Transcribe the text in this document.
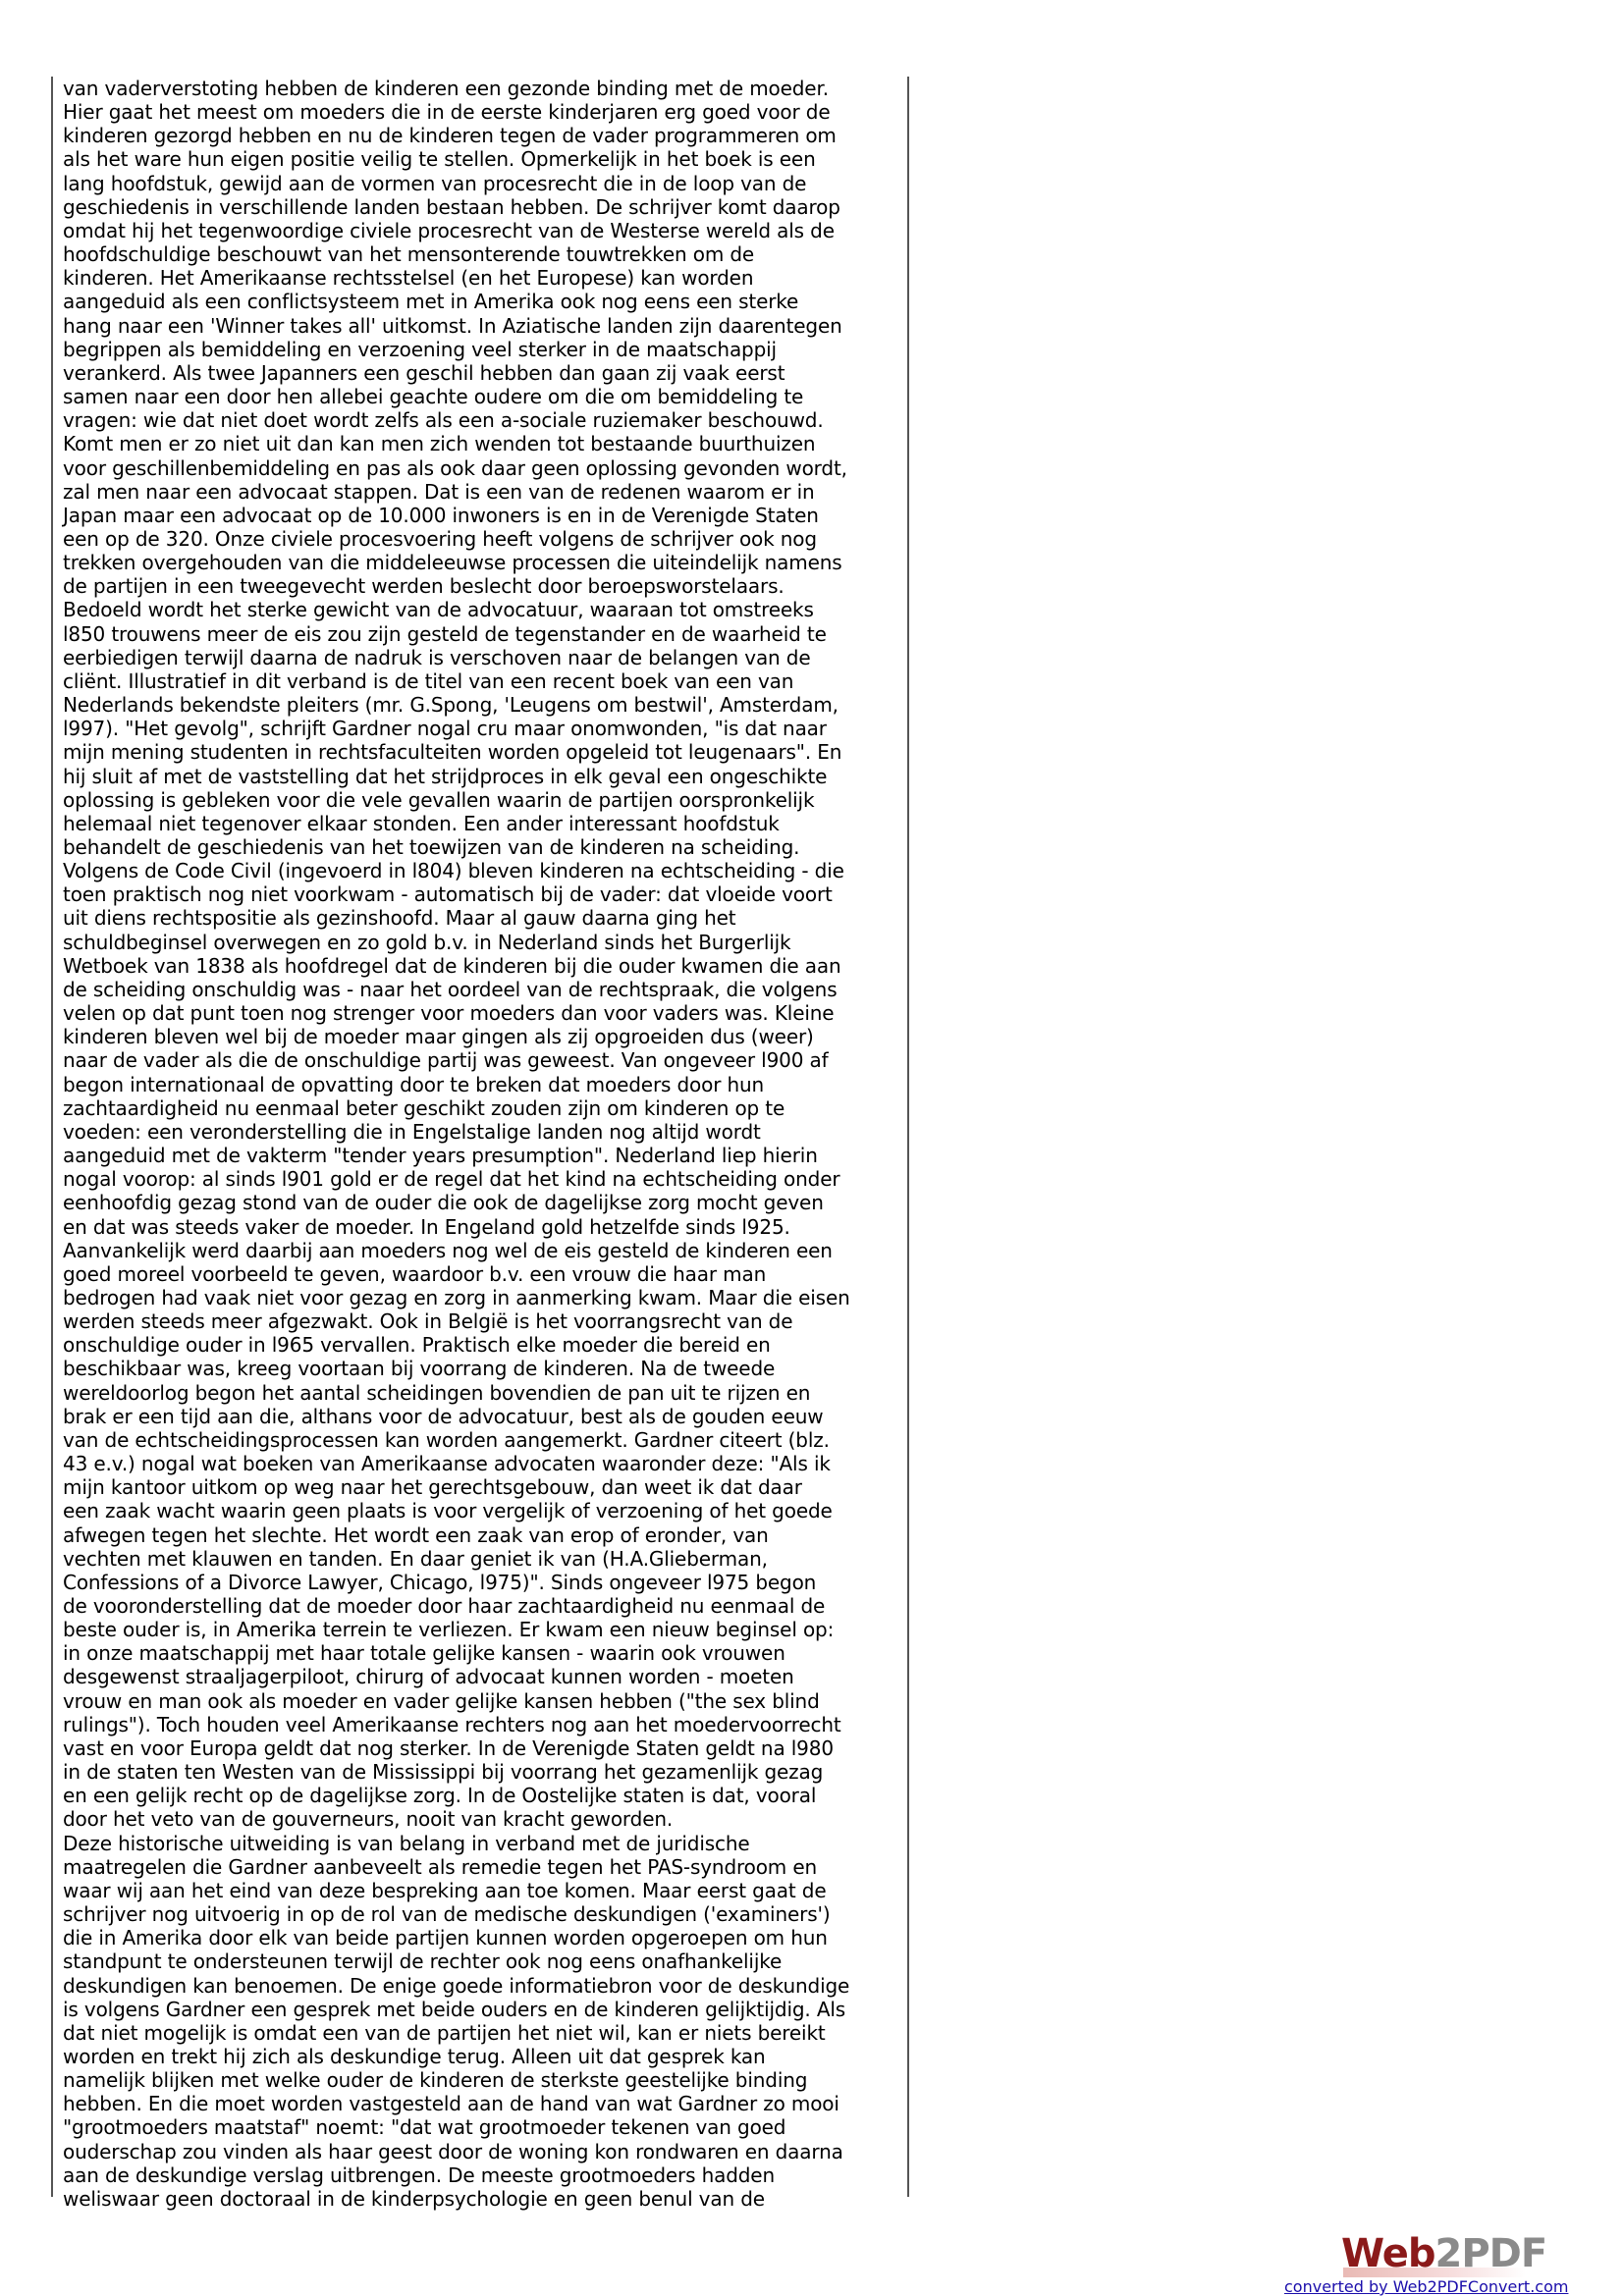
van vaderverstoting hebben de kinderen een gezonde binding met de moeder.
Hier gaat het meest om moeders die in de eerste kinderjaren erg goed voor de
kinderen gezorgd hebben en nu de kinderen tegen de vader programmeren om
als het ware hun eigen positie veilig te stellen. Opmerkelijk in het boek is een
lang hoofdstuk, gewijd aan de vormen van procesrecht die in de loop van de
geschiedenis in verschillende landen bestaan hebben. De schrijver komt daarop
omdat hij het tegenwoordige civiele procesrecht van de Westerse wereld als de
hoofdschuldige beschouwt van het mensonterende touwtrekken om de
kinderen. Het Amerikaanse rechtsstelsel (en het Europese) kan worden
aangeduid als een conflictsysteem met in Amerika ook nog eens een sterke
hang naar een 'Winner takes all' uitkomst. In Aziatische landen zijn daarentegen
begrippen als bemiddeling en verzoening veel sterker in de maatschappij
verankerd. Als twee Japanners een geschil hebben dan gaan zij vaak eerst
samen naar een door hen allebei geachte oudere om die om bemiddeling te
vragen: wie dat niet doet wordt zelfs als een a-sociale ruziemaker beschouwd.
Komt men er zo niet uit dan kan men zich wenden tot bestaande buurthuizen
voor geschillenbemiddeling en pas als ook daar geen oplossing gevonden wordt,
zal men naar een advocaat stappen. Dat is een van de redenen waarom er in
Japan maar een advocaat op de 10.000 inwoners is en in de Verenigde Staten
een op de 320. Onze civiele procesvoering heeft volgens de schrijver ook nog
trekken overgehouden van die middeleeuwse processen die uiteindelijk namens
de partijen in een tweegevecht werden beslecht door beroepsworstelaars.
Bedoeld wordt het sterke gewicht van de advocatuur, waaraan tot omstreeks
l850 trouwens meer de eis zou zijn gesteld de tegenstander en de waarheid te
eerbiedigen terwijl daarna de nadruk is verschoven naar de belangen van de
cliënt. Illustratief in dit verband is de titel van een recent boek van een van
Nederlands bekendste pleiters (mr. G.Spong, 'Leugens om bestwil', Amsterdam,
l997). "Het gevolg", schrijft Gardner nogal cru maar onomwonden, "is dat naar
mijn mening studenten in rechtsfaculteiten worden opgeleid tot leugenaars". En
hij sluit af met de vaststelling dat het strijdproces in elk geval een ongeschikte
oplossing is gebleken voor die vele gevallen waarin de partijen oorspronkelijk
helemaal niet tegenover elkaar stonden. Een ander interessant hoofdstuk
behandelt de geschiedenis van het toewijzen van de kinderen na scheiding.
Volgens de Code Civil (ingevoerd in l804) bleven kinderen na echtscheiding - die
toen praktisch nog niet voorkwam - automatisch bij de vader: dat vloeide voort
uit diens rechtspositie als gezinshoofd. Maar al gauw daarna ging het
schuldbeginsel overwegen en zo gold b.v. in Nederland sinds het Burgerlijk
Wetboek van 1838 als hoofdregel dat de kinderen bij die ouder kwamen die aan
de scheiding onschuldig was - naar het oordeel van de rechtspraak, die volgens
velen op dat punt toen nog strenger voor moeders dan voor vaders was. Kleine
kinderen bleven wel bij de moeder maar gingen als zij opgroeiden dus (weer)
naar de vader als die de onschuldige partij was geweest. Van ongeveer l900 af
begon internationaal de opvatting door te breken dat moeders door hun
zachtaardigheid nu eenmaal beter geschikt zouden zijn om kinderen op te
voeden: een veronderstelling die in Engelstalige landen nog altijd wordt
aangeduid met de vakterm "tender years presumption". Nederland liep hierin
nogal voorop: al sinds l901 gold er de regel dat het kind na echtscheiding onder
eenhoofdig gezag stond van de ouder die ook de dagelijkse zorg mocht geven
en dat was steeds vaker de moeder. In Engeland gold hetzelfde sinds l925.
Aanvankelijk werd daarbij aan moeders nog wel de eis gesteld de kinderen een
goed moreel voorbeeld te geven, waardoor b.v. een vrouw die haar man
bedrogen had vaak niet voor gezag en zorg in aanmerking kwam. Maar die eisen
werden steeds meer afgezwakt. Ook in België is het voorrangsrecht van de
onschuldige ouder in l965 vervallen. Praktisch elke moeder die bereid en
beschikbaar was, kreeg voortaan bij voorrang de kinderen. Na de tweede
wereldoorlog begon het aantal scheidingen bovendien de pan uit te rijzen en
brak er een tijd aan die, althans voor de advocatuur, best als de gouden eeuw
van de echtscheidingsprocessen kan worden aangemerkt. Gardner citeert (blz.
43 e.v.) nogal wat boeken van Amerikaanse advocaten waaronder deze: "Als ik
mijn kantoor uitkom op weg naar het gerechtsgebouw, dan weet ik dat daar
een zaak wacht waarin geen plaats is voor vergelijk of verzoening of het goede
afwegen tegen het slechte. Het wordt een zaak van erop of eronder, van
vechten met klauwen en tanden. En daar geniet ik van (H.A.Glieberman,
Confessions of a Divorce Lawyer, Chicago, l975)". Sinds ongeveer l975 begon
de vooronderstelling dat de moeder door haar zachtaardigheid nu eenmaal de
beste ouder is, in Amerika terrein te verliezen. Er kwam een nieuw beginsel op:
in onze maatschappij met haar totale gelijke kansen - waarin ook vrouwen
desgewenst straaljagerpiloot, chirurg of advocaat kunnen worden - moeten
vrouw en man ook als moeder en vader gelijke kansen hebben ("the sex blind
rulings"). Toch houden veel Amerikaanse rechters nog aan het moedervoorrecht
vast en voor Europa geldt dat nog sterker. In de Verenigde Staten geldt na l980
in de staten ten Westen van de Mississippi bij voorrang het gezamenlijk gezag
en een gelijk recht op de dagelijkse zorg. In de Oostelijke staten is dat, vooral
door het veto van de gouverneurs, nooit van kracht geworden.
Deze historische uitweiding is van belang in verband met de juridische
maatregelen die Gardner aanbeveelt als remedie tegen het PAS-syndroom en
waar wij aan het eind van deze bespreking aan toe komen. Maar eerst gaat de
schrijver nog uitvoerig in op de rol van de medische deskundigen ('examiners')
die in Amerika door elk van beide partijen kunnen worden opgeroepen om hun
standpunt te ondersteunen terwijl de rechter ook nog eens onafhankelijke
deskundigen kan benoemen. De enige goede informatiebron voor de deskundige
is volgens Gardner een gesprek met beide ouders en de kinderen gelijktijdig. Als
dat niet mogelijk is omdat een van de partijen het niet wil, kan er niets bereikt
worden en trekt hij zich als deskundige terug. Alleen uit dat gesprek kan
namelijk blijken met welke ouder de kinderen de sterkste geestelijke binding
hebben. En die moet worden vastgesteld aan de hand van wat Gardner zo mooi
"grootmoeders maatstaf" noemt: "dat wat grootmoeder tekenen van goed
ouderschap zou vinden als haar geest door de woning kon rondwaren en daarna
aan de deskundige verslag uitbrengen. De meeste grootmoeders hadden
weliswaar geen doctoraal in de kinderpsychologie en geen benul van de
Web2PDF
converted by Web2PDFConvert.com
